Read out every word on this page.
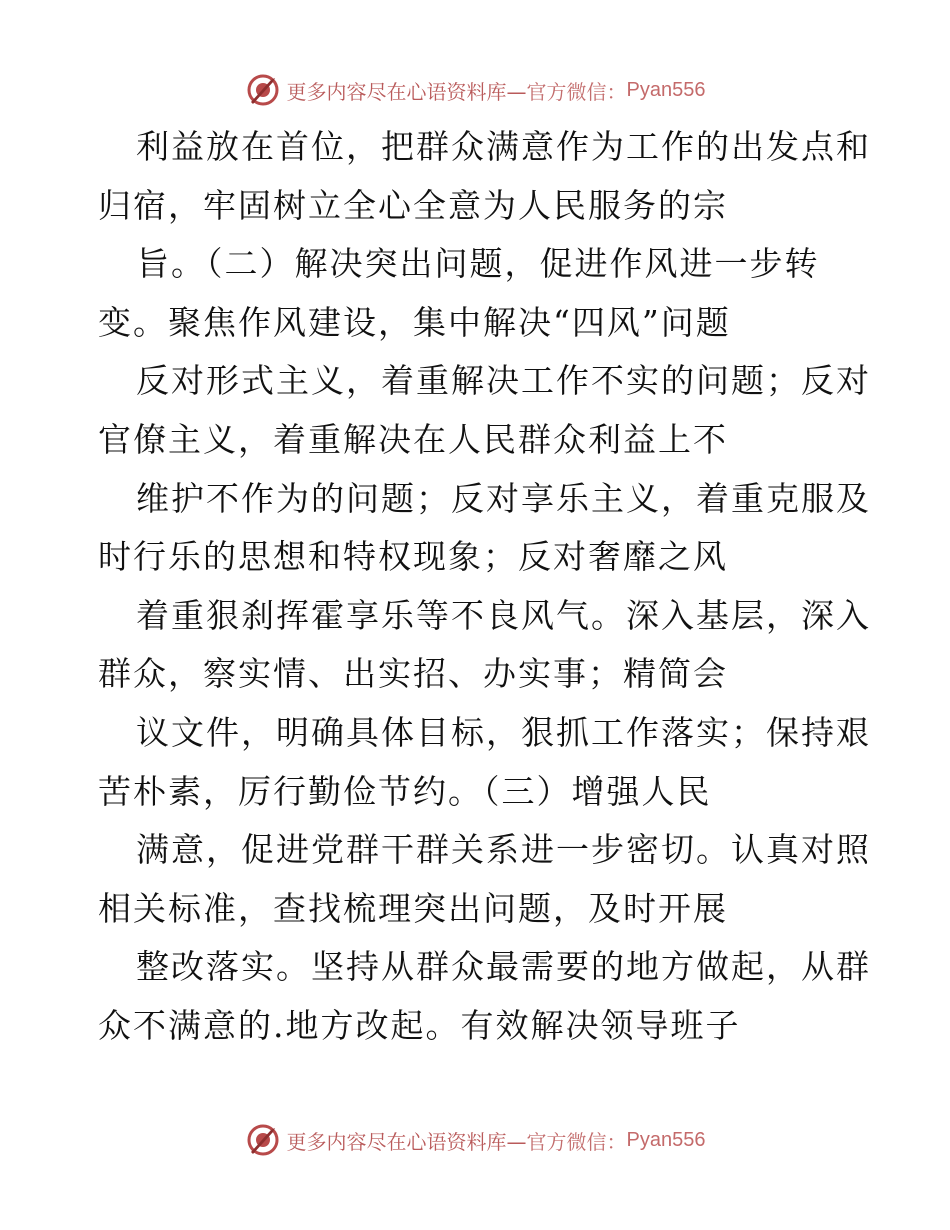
更多内容尽在心语资料库— 官方微信： Pyan556
利益放在首位，把群众满意作为工作的出发点和
归宿，牢固树立全心全意为人民服务的宗
旨。（二）解决突出问题，促进作风进一步转
变。聚焦作风建设，集中解决“四风”问题
反对形式主义，着重解决工作不实的问题；反对
官僚主义，着重解决在人民群众利益上不
维护不作为的问题；反对享乐主义，着重克服及
时行乐的思想和特权现象；反对奢靡之风
着重狠刹挥霍享乐等不良风气。深入基层，深入
群众，察实情、出实招、办实事；精简会
议文件，明确具体目标，狠抓工作落实；保持艰
苦朴素，厉行勤俭节约。（三）增强人民
满意，促进党群干群关系进一步密切。认真对照
相关标准，查找梳理突出问题，及时开展
整改落实。坚持从群众最需要的地方做起，从群
众不满意的.地方改起。有效解决领导班子
更多内容尽在心语资料库— 官方微信： Pyan556
